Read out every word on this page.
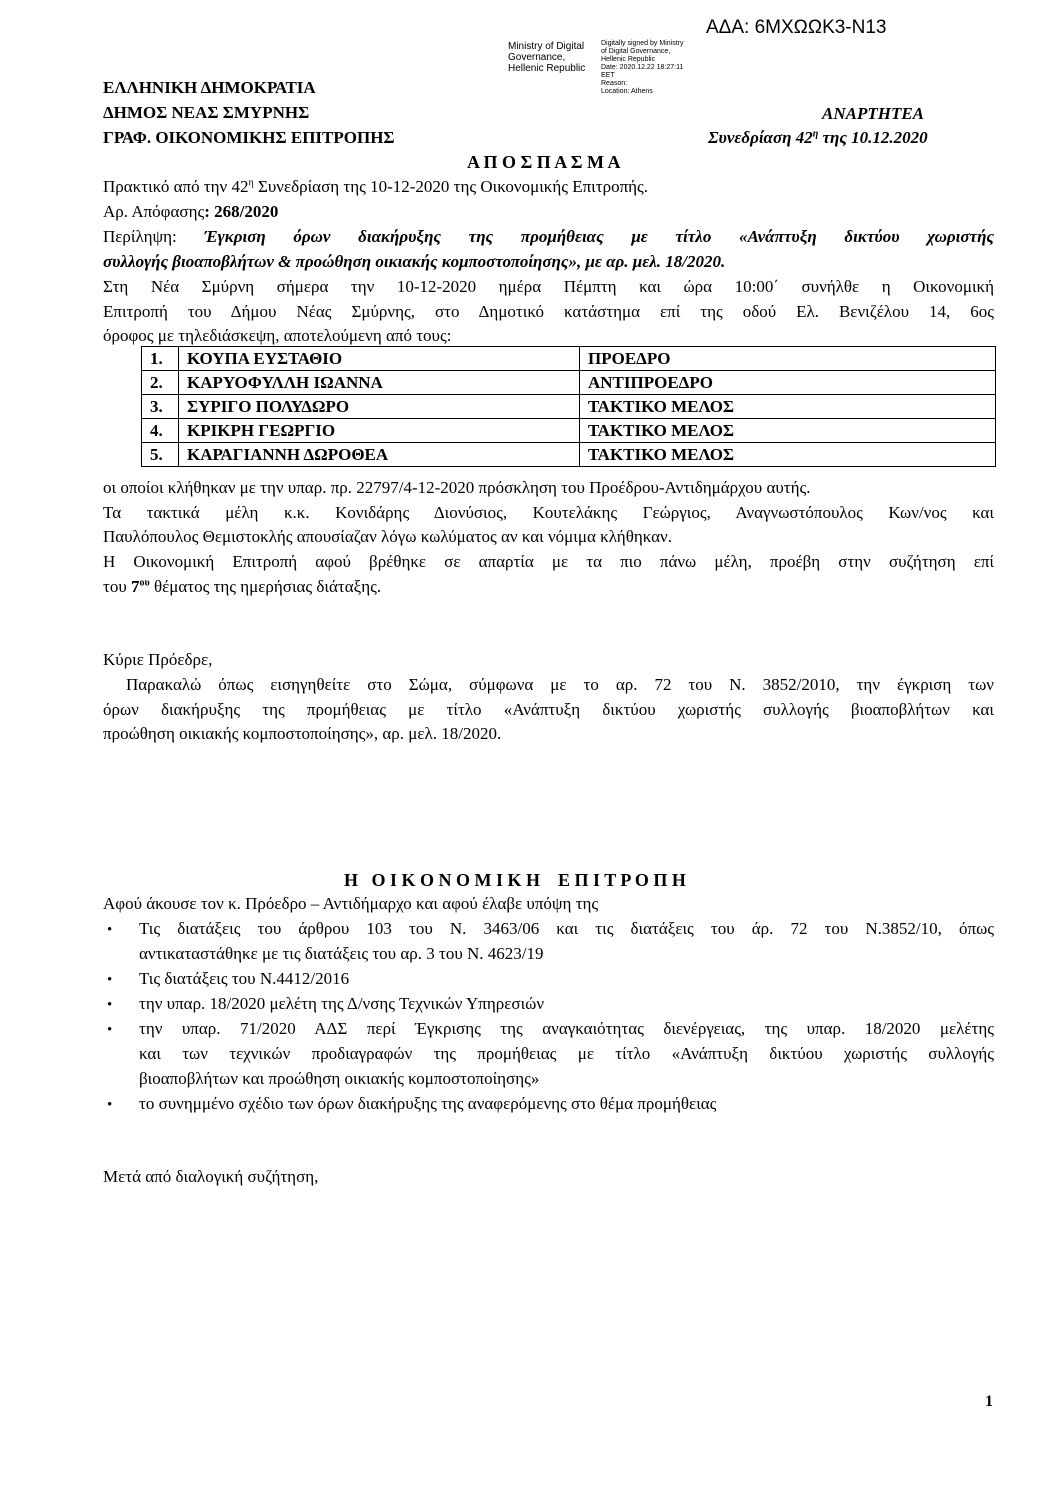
ΑΔΑ: 6ΜΧΩΩΚ3-Ν13
Ministry of Digital
Governance,
Hellenic Republic
Digitally signed by Ministry
of Digital Governance,
Hellenic Republic
Date: 2020.12.22 18:27:11
EET
Reason:
Location: Athens
ΕΛΛΗΝΙΚΗ ΔΗΜΟΚΡΑΤΙΑ
ΔΗΜΟΣ ΝΕΑΣ ΣΜΥΡΝΗΣ
ΓΡΑΦ. ΟΙΚΟΝΟΜΙΚΗΣ ΕΠΙΤΡΟΠΗΣ
ΑΝΑΡΤΗΤΕΑ
Συνεδρίαση $42^\eta$ της 10.12.2020
Α Π Ο Σ Π Α Σ Μ Α
Πρακτικό από την $42^\eta$ Συνεδρίαση της 10-12-2020 της Οικονομικής Επιτροπής.
Αρ. Απόφασης: 268/2020
Περίληψη: Έγκριση όρων διακήρυξης της προμήθειας με τίτλο «Ανάπτυξη δικτύου χωριστής
συλλογής βιοαποβλήτων & προώθηση οικιακής κομποστοποίησης», με αρ. μελ. 18/2020.
Στη Νέα Σμύρνη σήμερα την 10-12-2020 ημέρα Πέμπτη και ώρα 10:00΄ συνήλθε η Οικονομική
Επιτροπή του Δήμου Νέας Σμύρνης, στο Δημοτικό κατάστημα επί της οδού Ελ. Βενιζέλου 14, 6ος
όροφος με τηλεδιάσκεψη, αποτελούμενη από τους:
1.	ΚΟΥΠΑ ΕΥΣΤΑΘΙΟ	ΠΡΟΕΔΡΟ
2.	ΚΑΡΥΟΦΥΛΛΗ ΙΩΑΝΝΑ	ΑΝΤΙΠΡΟΕΔΡΟ
3.	ΣΥΡΙΓΟ ΠΟΛΥΔΩΡΟ	ΤΑΚΤΙΚΟ ΜΕΛΟΣ
4.	ΚΡΙΚΡΗ ΓΕΩΡΓΙΟ	ΤΑΚΤΙΚΟ ΜΕΛΟΣ
5.	ΚΑΡΑΓΙΑΝΝΗ ΔΩΡΟΘΕΑ	ΤΑΚΤΙΚΟ ΜΕΛΟΣ
οι οποίοι κλήθηκαν με την υπαρ. πρ. 22797/4-12-2020 πρόσκληση του Προέδρου-Αντιδημάρχου αυτής.
Τα τακτικά μέλη κ.κ. Κονιδάρης Διονύσιος, Κουτελάκης Γεώργιος, Αναγνωστόπουλος Κων/νος και
Παυλόπουλος Θεμιστοκλής απουσίαζαν λόγω κωλύματος αν και νόμιμα κλήθηκαν.
Η Οικονομική Επιτροπή αφού βρέθηκε σε απαρτία με τα πιο πάνω μέλη, προέβη στην συζήτηση επί
του $7^{o\upsilon}$ θέματος της ημερήσιας διάταξης.
Κύριε Πρόεδρε,
Παρακαλώ όπως εισηγηθείτε στο Σώμα, σύμφωνα με το αρ. 72 του Ν. 3852/2010, την έγκριση των
όρων διακήρυξης της προμήθειας με τίτλο «Ανάπτυξη δικτύου χωριστής συλλογής βιοαποβλήτων και
προώθηση οικιακής κομποστοποίησης», αρ. μελ. 18/2020.
Η   Ο Ι Κ Ο Ν Ο Μ Ι Κ Η    Ε Π Ι Τ Ρ Ο Π Η
Αφού άκουσε τον κ. Πρόεδρο – Αντιδήμαρχο και αφού έλαβε υπόψη της
• Τις διατάξεις του άρθρου 103 του Ν. 3463/06 και τις διατάξεις του άρ. 72 του Ν.3852/10, όπως
αντικαταστάθηκε με τις διατάξεις του αρ. 3 του Ν. 4623/19
• Τις διατάξεις του Ν.4412/2016
• την υπαρ. 18/2020 μελέτη της Δ/νσης Τεχνικών Υπηρεσιών
• την υπαρ. 71/2020 ΑΔΣ περί Έγκρισης της αναγκαιότητας διενέργειας, της υπαρ. 18/2020 μελέτης
και των τεχνικών προδιαγραφών της προμήθειας με τίτλο «Ανάπτυξη δικτύου χωριστής συλλογής
βιοαποβλήτων και προώθηση οικιακής κομποστοποίησης»
• το συνημμένο σχέδιο των όρων διακήρυξης της αναφερόμενης στο θέμα προμήθειας
Μετά από διαλογική συζήτηση,
1
